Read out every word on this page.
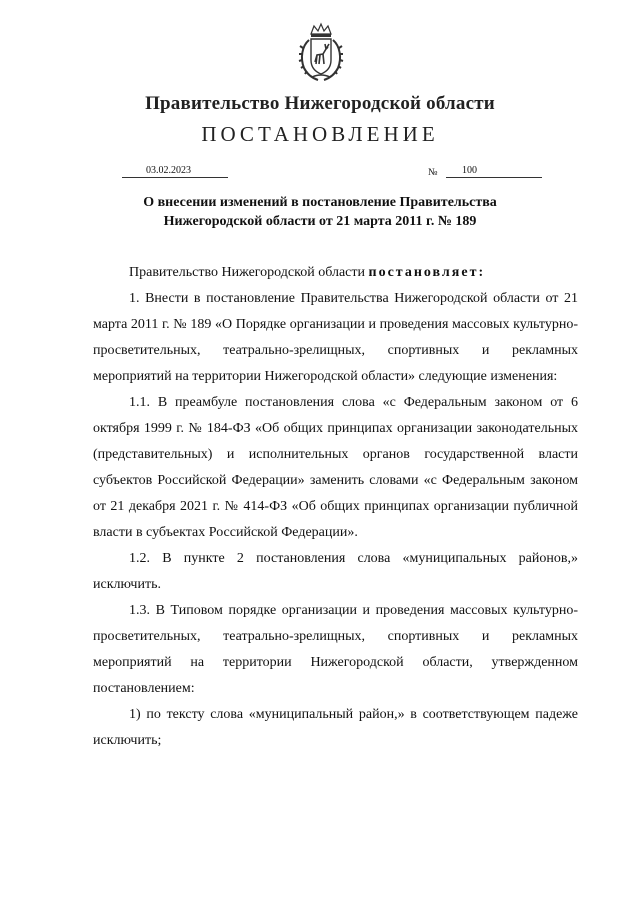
Правительство Нижегородской области
ПОСТАНОВЛЕНИЕ
03.02.2023	№	100
О внесении изменений в постановление Правительства
Нижегородской области от 21 марта 2011 г. № 189

Правительство Нижегородской области постановляет:

1. Внести в постановление Правительства Нижегородской области от 21 марта 2011 г. № 189 «О Порядке организации и проведения массовых культурно-просветительных, театрально-зрелищных, спортивных и рекламных мероприятий на территории Нижегородской области» следующие изменения:

1.1. В преамбуле постановления слова «с Федеральным законом от 6 октября 1999 г. № 184-ФЗ «Об общих принципах организации законодательных (представительных) и исполнительных органов государственной власти субъектов Российской Федерации» заменить словами «с Федеральным законом от 21 декабря 2021 г. № 414-ФЗ «Об общих принципах организации публичной власти в субъектах Российской Федерации».

1.2. В пункте 2 постановления слова «муниципальных районов,» исключить.

1.3. В Типовом порядке организации и проведения массовых культурно-просветительных, театрально-зрелищных, спортивных и рекламных мероприятий на территории Нижегородской области, утвержденном постановлением:

1) по тексту слова «муниципальный район,» в соответствующем падеже исключить;
